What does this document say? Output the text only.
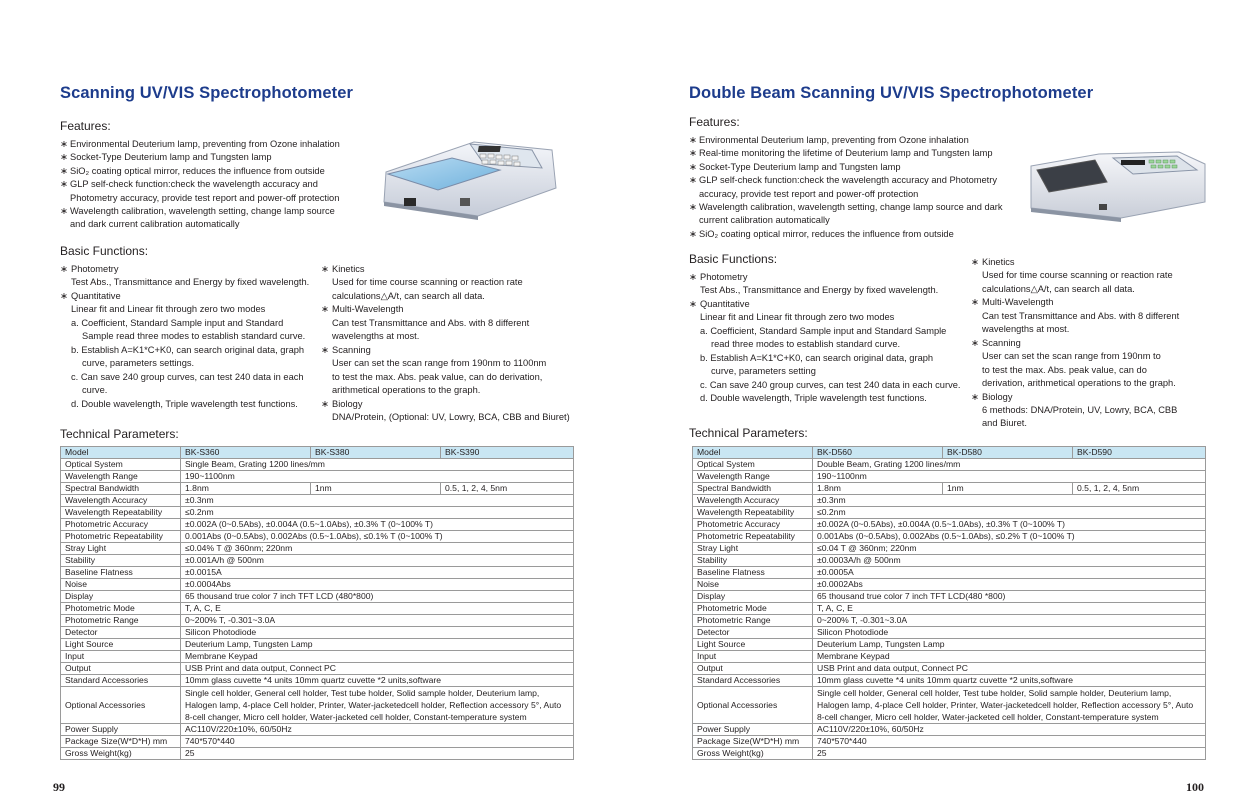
Scanning UV/VIS Spectrophotometer
Features:
∗ Environmental Deuterium lamp, preventing from Ozone inhalation
∗ Socket-Type Deuterium lamp and Tungsten lamp
∗ SiO₂ coating optical mirror, reduces the influence from outside
∗ GLP self-check function:check the wavelength accuracy and
Photometry accuracy, provide test report and power-off protection
∗ Wavelength calibration, wavelength setting, change lamp source
and dark current calibration automatically
Basic Functions:
∗ Photometry
Test Abs., Transmittance and Energy by fixed wavelength.
∗ Quantitative
Linear fit and Linear fit through zero two modes
a. Coefficient, Standard Sample input and Standard
Sample read three modes to establish standard curve.
b. Establish A=K1*C+K0, can search original data, graph
curve, parameters settings.
c. Can save 240 group curves, can test 240 data in each
curve.
d. Double wavelength, Triple wavelength test functions.
∗ Kinetics
Used for time course scanning or reaction rate
calculations△A/t, can search all data.
∗ Multi-Wavelength
Can test Transmittance and Abs. with 8 different
wavelengths at most.
∗ Scanning
User can set the scan range from 190nm to 1100nm
to test the max. Abs. peak value, can do derivation,
arithmetical operations to the graph.
∗ Biology
DNA/Protein, (Optional: UV, Lowry, BCA, CBB and Biuret)
Technical Parameters:
Model	BK-S360	BK-S380	BK-S390
Optical System	Single Beam, Grating 1200 lines/mm		
Wavelength Range	190~1100nm		
Spectral Bandwidth	1.8nm	1nm	0.5, 1, 2, 4, 5nm
Wavelength Accuracy	±0.3nm		
Wavelength Repeatability	≤0.2nm		
Photometric Accuracy	±0.002A (0~0.5Abs), ±0.004A (0.5~1.0Abs), ±0.3% T (0~100% T)		
Photometric Repeatability	0.001Abs (0~0.5Abs), 0.002Abs (0.5~1.0Abs), ≤0.1% T (0~100% T)		
Stray Light	≤0.04% T @ 360nm; 220nm		
Stability	±0.001A/h @ 500nm		
Baseline Flatness	±0.0015A		
Noise	±0.0004Abs		
Display	65 thousand true color 7 inch TFT LCD (480*800)		
Photometric Mode	T, A, C, E		
Photometric Range	0~200% T, -0.301~3.0A		
Detector	Silicon Photodiode		
Light Source	Deuterium Lamp, Tungsten Lamp		
Input	Membrane Keypad		
Output	USB Print and data output, Connect PC		
Standard Accessories	10mm glass cuvette *4 units 10mm quartz cuvette *2 units,software		
Optional Accessories	Single cell holder, General cell holder, Test tube holder, Solid sample holder, Deuterium lamp, Halogen lamp, 4-place Cell holder, Printer, Water-jacketedcell holder, Reflection accessory 5°, Auto 8-cell changer, Micro cell holder, Water-jacketed cell holder, Constant-temperature system		
Power Supply	AC110V/220±10%, 60/50Hz		
Package Size(W*D*H) mm	740*570*440		
Gross Weight(kg)	25		
99
Double Beam Scanning UV/VIS Spectrophotometer
Features:
∗ Environmental Deuterium lamp, preventing from Ozone inhalation
∗ Real-time monitoring the lifetime of Deuterium lamp and Tungsten lamp
∗ Socket-Type Deuterium lamp and Tungsten lamp
∗ GLP self-check function:check the wavelength accuracy and Photometry
accuracy, provide test report and power-off protection
∗ Wavelength calibration, wavelength setting, change lamp source and dark
current calibration automatically
∗ SiO₂ coating optical mirror, reduces the influence from outside
Basic Functions:
∗ Photometry
Test Abs., Transmittance and Energy by fixed wavelength.
∗ Quantitative
Linear fit and Linear fit through zero two modes
a. Coefficient, Standard Sample input and Standard Sample
read three modes to establish standard curve.
b. Establish A=K1*C+K0, can search original data, graph
curve, parameters setting
c. Can save 240 group curves, can test 240 data in each curve.
d. Double wavelength, Triple wavelength test functions.
∗ Kinetics
Used for time course scanning or reaction rate
calculations△A/t, can search all data.
∗ Multi-Wavelength
Can test Transmittance and Abs. with 8 different
wavelengths at most.
∗ Scanning
User can set the scan range from 190nm to
to test the max. Abs. peak value, can do
derivation, arithmetical operations to the graph.
∗ Biology
6 methods: DNA/Protein, UV, Lowry, BCA, CBB
and Biuret.
Technical Parameters:
Model	BK-D560	BK-D580	BK-D590
Optical System	Double Beam, Grating 1200 lines/mm		
Wavelength Range	190~1100nm		
Spectral Bandwidth	1.8nm	1nm	0.5, 1, 2, 4, 5nm
Wavelength Accuracy	±0.3nm		
Wavelength Repeatability	≤0.2nm		
Photometric Accuracy	±0.002A (0~0.5Abs), ±0.004A (0.5~1.0Abs), ±0.3% T (0~100% T)		
Photometric Repeatability	0.001Abs (0~0.5Abs), 0.002Abs (0.5~1.0Abs), ≤0.2% T (0~100% T)		
Stray Light	≤0.04 T @ 360nm; 220nm		
Stability	±0.0003A/h @ 500nm		
Baseline Flatness	±0.0005A		
Noise	±0.0002Abs		
Display	65 thousand true color 7 inch TFT LCD(480 *800)		
Photometric Mode	T, A, C, E		
Photometric Range	0~200% T, -0.301~3.0A		
Detector	Silicon Photodiode		
Light Source	Deuterium Lamp, Tungsten Lamp		
Input	Membrane Keypad		
Output	USB Print and data output, Connect PC		
Standard Accessories	10mm glass cuvette *4 units 10mm quartz cuvette *2 units,software		
Optional Accessories	Single cell holder, General cell holder, Test tube holder, Solid sample holder, Deuterium lamp, Halogen lamp, 4-place Cell holder, Printer, Water-jacketedcell holder, Reflection accessory 5°, Auto 8-cell changer, Micro cell holder, Water-jacketed cell holder, Constant-temperature system		
Power Supply	AC110V/220±10%, 60/50Hz		
Package Size(W*D*H) mm	740*570*440		
Gross Weight(kg)	25		
100
